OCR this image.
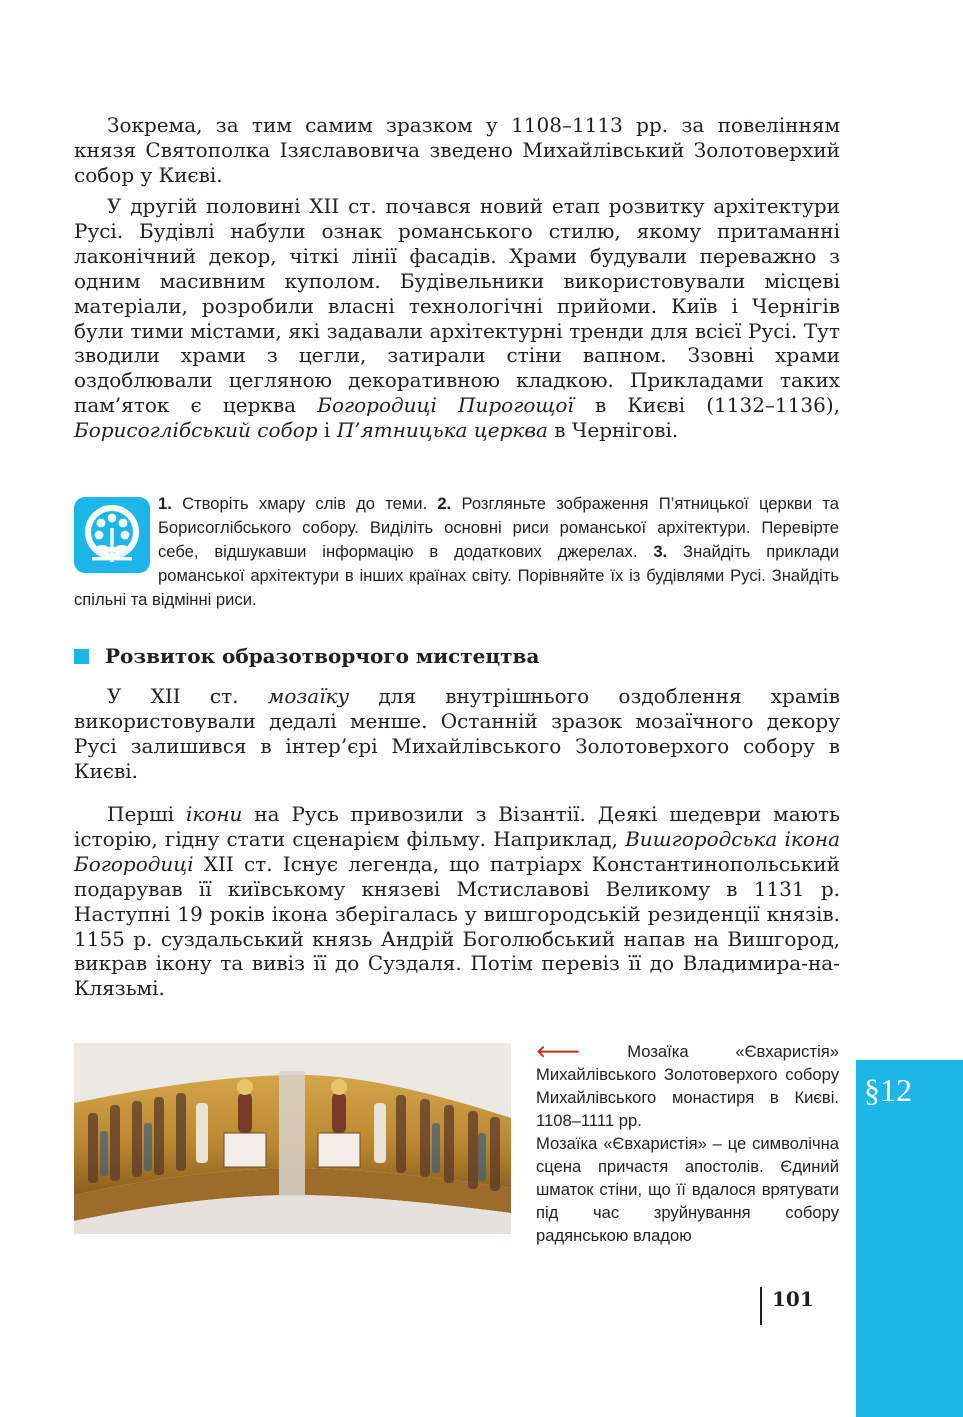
Зокрема, за тим самим зразком у 1108–1113 рр. за повелінням князя Святополка Ізяславовича зведено Михайлівський Золотоверхий собор у Києві.

У другій половині XII ст. почався новий етап розвитку архітектури Русі. Будівлі набули ознак романського стилю, якому притаманні лаконічний декор, чіткі лінії фасадів. Храми будували переважно з одним масивним куполом. Будівельники використовували місцеві матеріали, розробили власні технологічні прийоми. Київ і Чернігів були тими містами, які задавали архітектурні тренди для всієї Русі. Тут зводили храми з цегли, затирали стіни вапном. Ззовні храми оздоблювали цегляною декоративною кладкою. Прикладами таких пам’яток є церква Богородиці Пирогощої в Києві (1132–1136), Борисоглібський собор і П’ятницька церква в Чернігові.

1. Створіть хмару слів до теми. 2. Розгляньте зображення П’ятницької церкви та Борисоглібського собору. Виділіть основні риси романської архітектури. Перевірте себе, відшукавши інформацію в додаткових джерелах. 3. Знайдіть приклади романської архітектури в інших країнах світу. Порівняйте їх із будівлями Русі. Знайдіть спільні та відмінні риси.

Розвиток образотворчого мистецтва

У XII ст. мозаїку для внутрішнього оздоблення храмів використовували дедалі менше. Останній зразок мозаїчного декору Русі залишився в інтер’єрі Михайлівського Золотоверхого собору в Києві.

Перші ікони на Русь привозили з Візантії. Деякі шедеври мають історію, гідну стати сценарієм фільму. Наприклад, Вишгородська ікона Богородиці XII ст. Існує легенда, що патріарх Константинопольський подарував її київському князеві Мстиславові Великому в 1131 р. Наступні 19 років ікона зберігалась у вишгородській резиденції князів. 1155 р. суздальський князь Андрій Боголюбський напав на Вишгород, викрав ікону та вивіз її до Суздаля. Потім перевіз її до Владимира-на-Клязьмі.

🡐	Мозаїка «Євхаристія» Михайлівського Золотоверхого собору Михайлівського монастиря в Києві. 1108–1111 рр.

Мозаїка «Євхаристія» – це символічна сцена причастя апостолів. Єдиний шматок стіни, що її вдалося врятувати під час зруйнування собору радянською владою

101
§12
